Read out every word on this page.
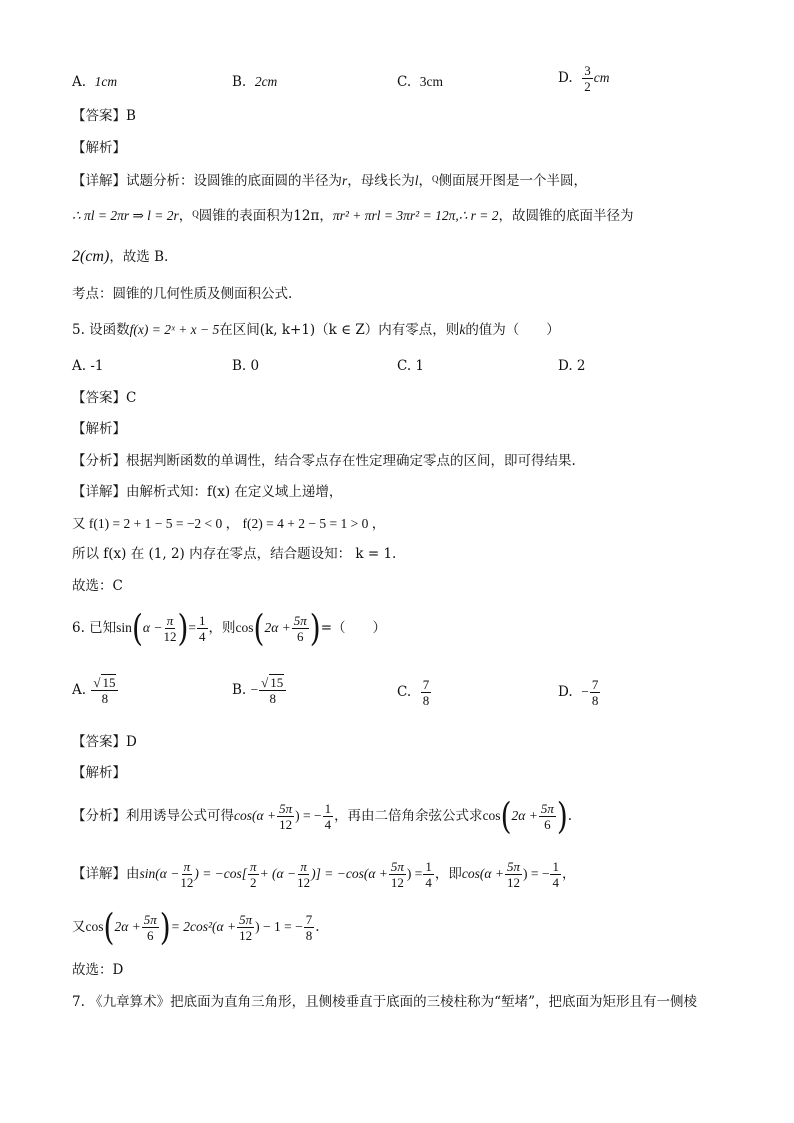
A. 1cm	B. 2cm	C. 3cm	D. $\frac{3}{2}$ cm
【答案】B
【解析】
【详解】试题分析：设圆锥的底面圆的半径为r，母线长为l，$^Q$侧面展开图是一个半圆，
∴ πl = 2πr ⇒ l = 2r，$^Q$圆锥的表面积为12π，πr² + πrl = 3πr² = 12π,∴ r = 2，故圆锥的底面半径为
2(cm)，故选 B.
考点：圆锥的几何性质及侧面积公式.
5. 设函数f(x) = 2ˣ + x − 5在区间(k, k+1)（k ∈ Z）内有零点，则k的值为（　　）
A. -1	B. 0	C. 1	D. 2
【答案】C
【解析】
【分析】根据判断函数的单调性，结合零点存在性定理确定零点的区间，即可得结果.
【详解】由解析式知：f(x) 在定义域上递增，
又 f(1) = 2 + 1 − 5 = −2 < 0 ， f(2) = 4 + 2 − 5 = 1 > 0 ，
所以 f(x) 在 (1, 2) 内存在零点，结合题设知： k = 1.
故选：C
6. 已知$\sin(\alpha - \frac{\pi}{12}$ )= $\frac{1}{4}$ ，则$\cos(2\alpha + \frac{5\pi}{6}$ )=（　　）
A. $\frac{√ 15}{8}$	B. − $\frac{√ 15}{8}$	C. $\frac{7}{8}$	D. − $\frac{7}{8}$
【答案】D
【解析】
【分析】利用诱导公式可得$\cos(\alpha + \frac{5\pi}{12}$ ) = − $\frac{1}{4}$ ，再由二倍角余弦公式求$\cos(2\alpha + \frac{5\pi}{6}$ ).
【详解】由$\sin(\alpha - \frac{\pi}{12}$ ) = $-\cos[ \frac{\pi}{2} + (\alpha - \frac{\pi}{12}$ )] = $-\cos(\alpha + \frac{5\pi}{12}$ ) = $\frac{1}{4}$ ，即$\cos(\alpha + \frac{5\pi}{12}$ ) = − $\frac{1}{4}$ ，
又$\cos(2\alpha + \frac{5\pi}{6}$ )= $2\cos^2(\alpha + \frac{5\pi}{12}$ ) − 1 = − $\frac{7}{8}$ .
故选：D
7. 《九章算术》把底面为直角三角形，且侧棱垂直于底面的三棱柱称为“堑堵”，把底面为矩形且有一侧棱
